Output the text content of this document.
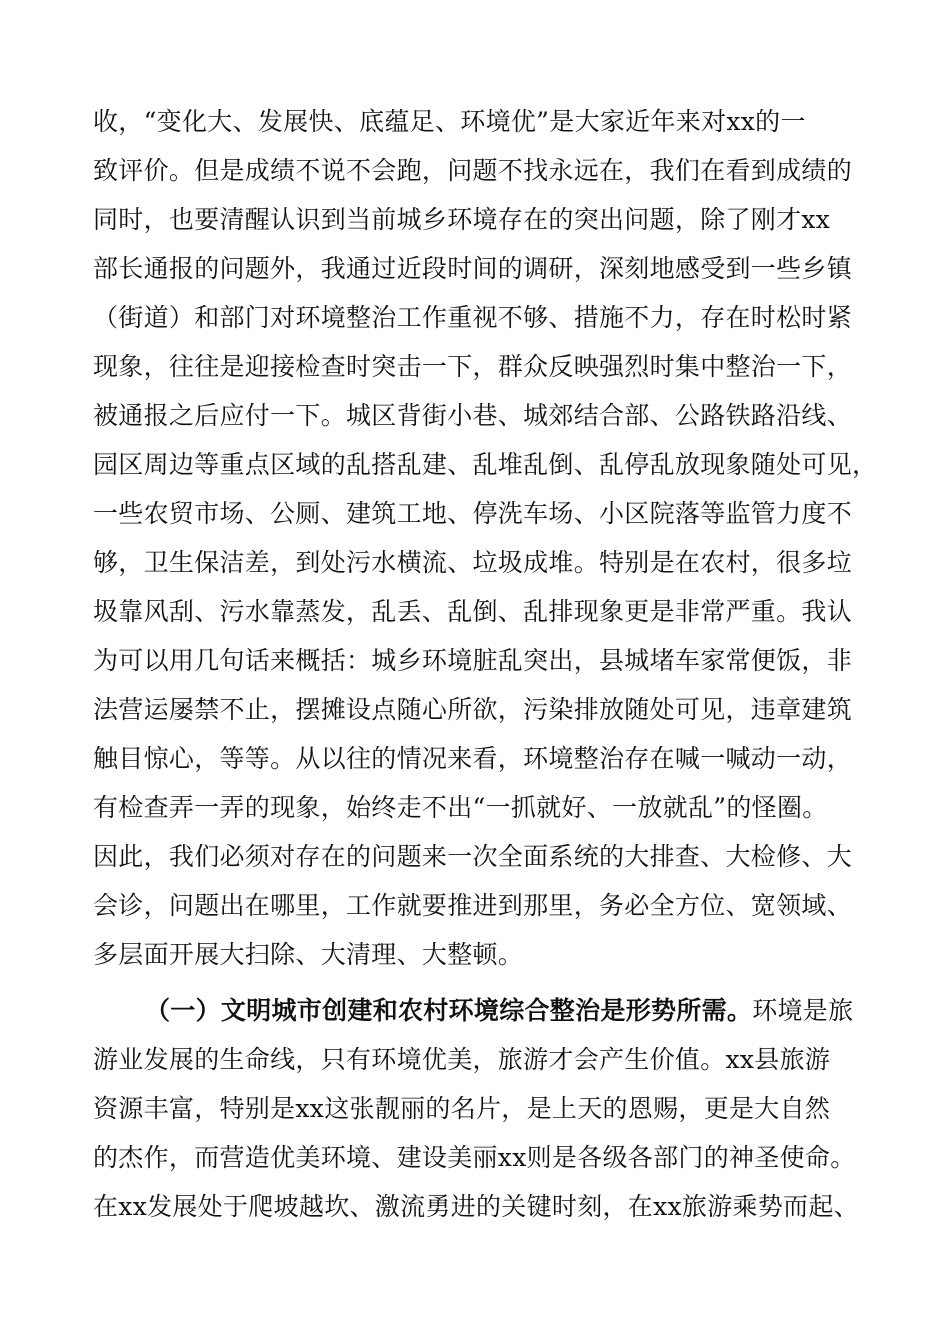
收，“变化大、发展快、底蕴足、环境优”是大家近年来对xx的一
致评价。但是成绩不说不会跑，问题不找永远在，我们在看到成绩的
同时，也要清醒认识到当前城乡环境存在的突出问题，除了刚才xx
部长通报的问题外，我通过近段时间的调研，深刻地感受到一些乡镇
（街道）和部门对环境整治工作重视不够、措施不力，存在时松时紧
现象，往往是迎接检查时突击一下，群众反映强烈时集中整治一下，
被通报之后应付一下。城区背街小巷、城郊结合部、公路铁路沿线、
园区周边等重点区域的乱搭乱建、乱堆乱倒、乱停乱放现象随处可见，
一些农贸市场、公厕、建筑工地、停洗车场、小区院落等监管力度不
够，卫生保洁差，到处污水横流、垃圾成堆。特别是在农村，很多垃
圾靠风刮、污水靠蒸发，乱丢、乱倒、乱排现象更是非常严重。我认
为可以用几句话来概括：城乡环境脏乱突出，县城堵车家常便饭，非
法营运屡禁不止，摆摊设点随心所欲，污染排放随处可见，违章建筑
触目惊心，等等。从以往的情况来看，环境整治存在喊一喊动一动，
有检查弄一弄的现象，始终走不出“一抓就好、一放就乱”的怪圈。
因此，我们必须对存在的问题来一次全面系统的大排查、大检修、大
会诊，问题出在哪里，工作就要推进到那里，务必全方位、宽领域、
多层面开展大扫除、大清理、大整顿。
（一）文明城市创建和农村环境综合整治是形势所需。环境是旅
游业发展的生命线，只有环境优美，旅游才会产生价值。xx县旅游
资源丰富，特别是xx这张靓丽的名片，是上天的恩赐，更是大自然
的杰作，而营造优美环境、建设美丽xx则是各级各部门的神圣使命。
在xx发展处于爬坡越坎、激流勇进的关键时刻，在xx旅游乘势而起、
